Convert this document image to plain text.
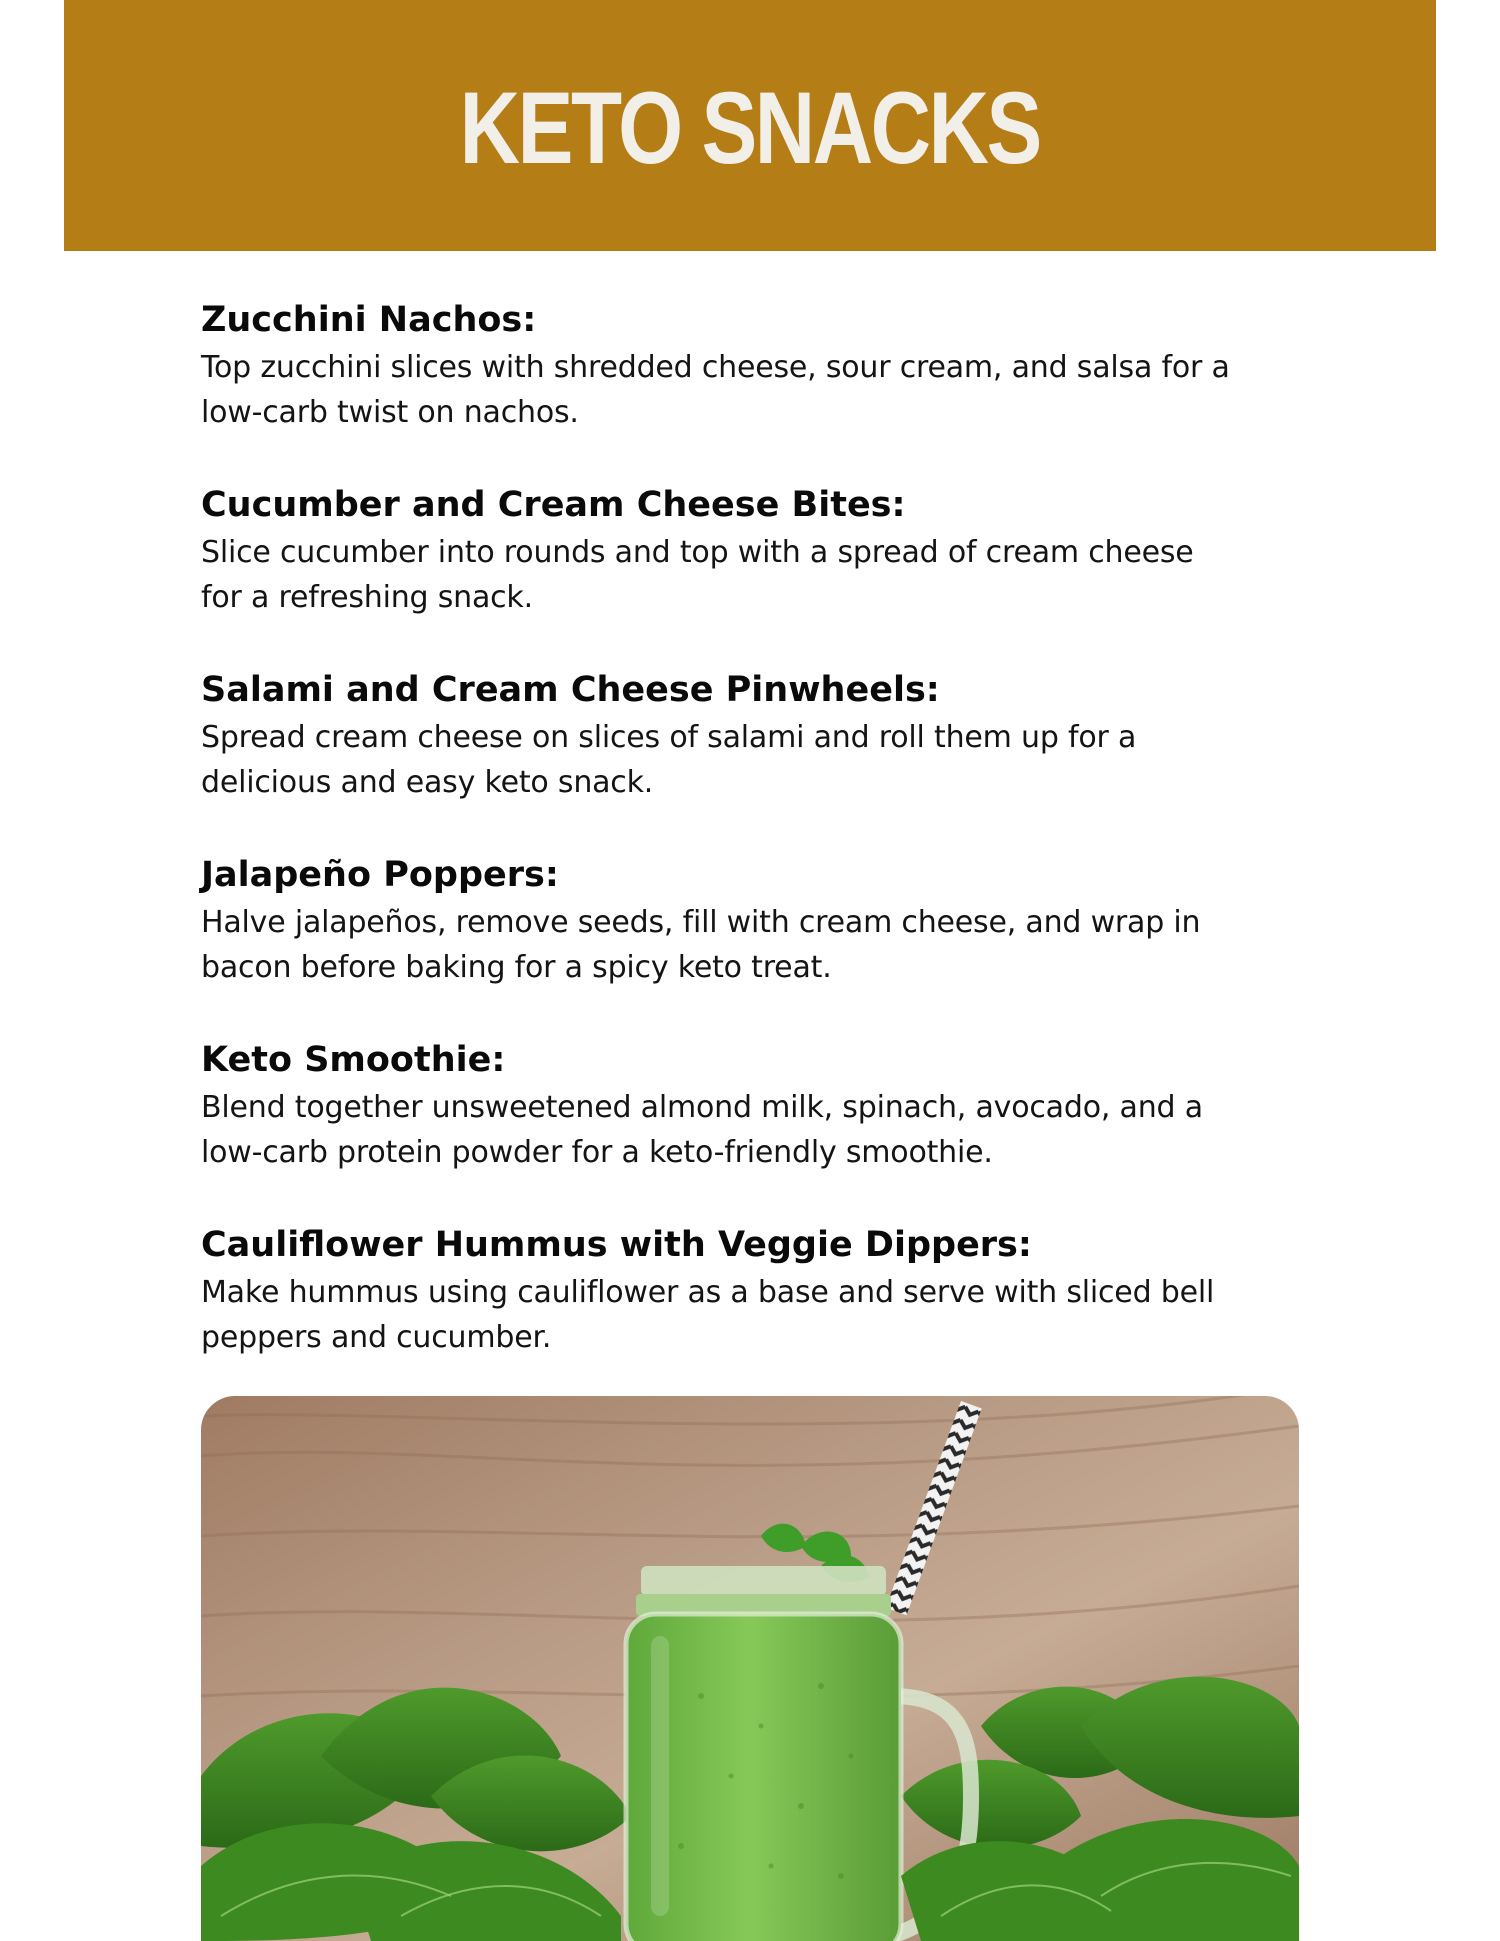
KETO SNACKS
Zucchini Nachos:
Top zucchini slices with shredded cheese, sour cream, and salsa for a
low-carb twist on nachos.
Cucumber and Cream Cheese Bites:
Slice cucumber into rounds and top with a spread of cream cheese
for a refreshing snack.
Salami and Cream Cheese Pinwheels:
Spread cream cheese on slices of salami and roll them up for a
delicious and easy keto snack.
Jalapeño Poppers:
Halve jalapeños, remove seeds, fill with cream cheese, and wrap in
bacon before baking for a spicy keto treat.
Keto Smoothie:
Blend together unsweetened almond milk, spinach, avocado, and a
low-carb protein powder for a keto-friendly smoothie.
Cauliflower Hummus with Veggie Dippers:
Make hummus using cauliflower as a base and serve with sliced bell
peppers and cucumber.
